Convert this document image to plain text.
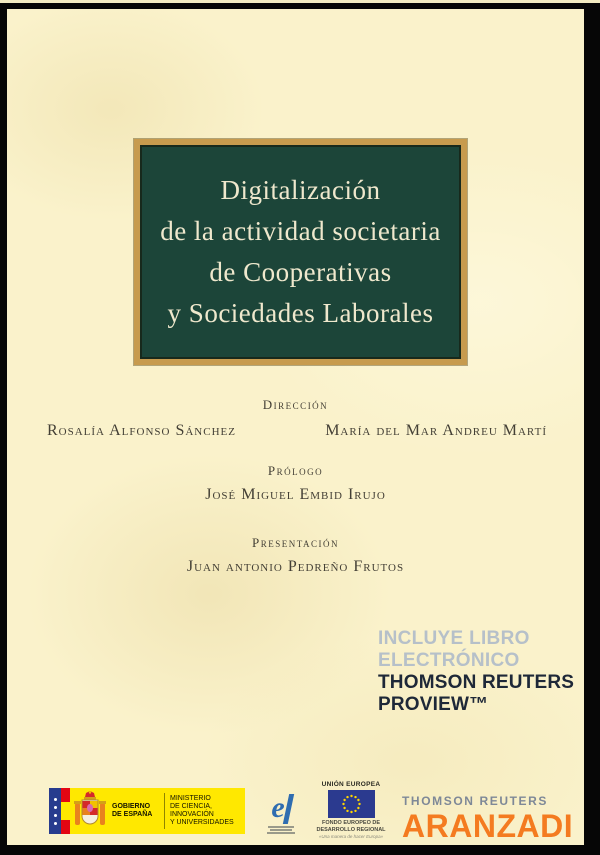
Digitalización
de la actividad societaria
de Cooperativas
y Sociedades Laborales
Dirección
Rosalía Alfonso Sánchez	María del Mar Andreu Martí
Prólogo
José Miguel Embid Irujo
Presentación
Juan antonio Pedreño Frutos
INCLUYE LIBRO
ELECTRÓNICO
THOMSON REUTERS
PROVIEW™
GOBIERNO
DE ESPAÑA
MINISTERIO
DE CIENCIA, INNOVACIÓN
Y UNIVERSIDADES	e
UNIÓN EUROPEA
FONDO EUROPEO DE
DESARROLLO REGIONAL
«Una manera de hacer Europa»
THOMSON REUTERS
ARANZADI
